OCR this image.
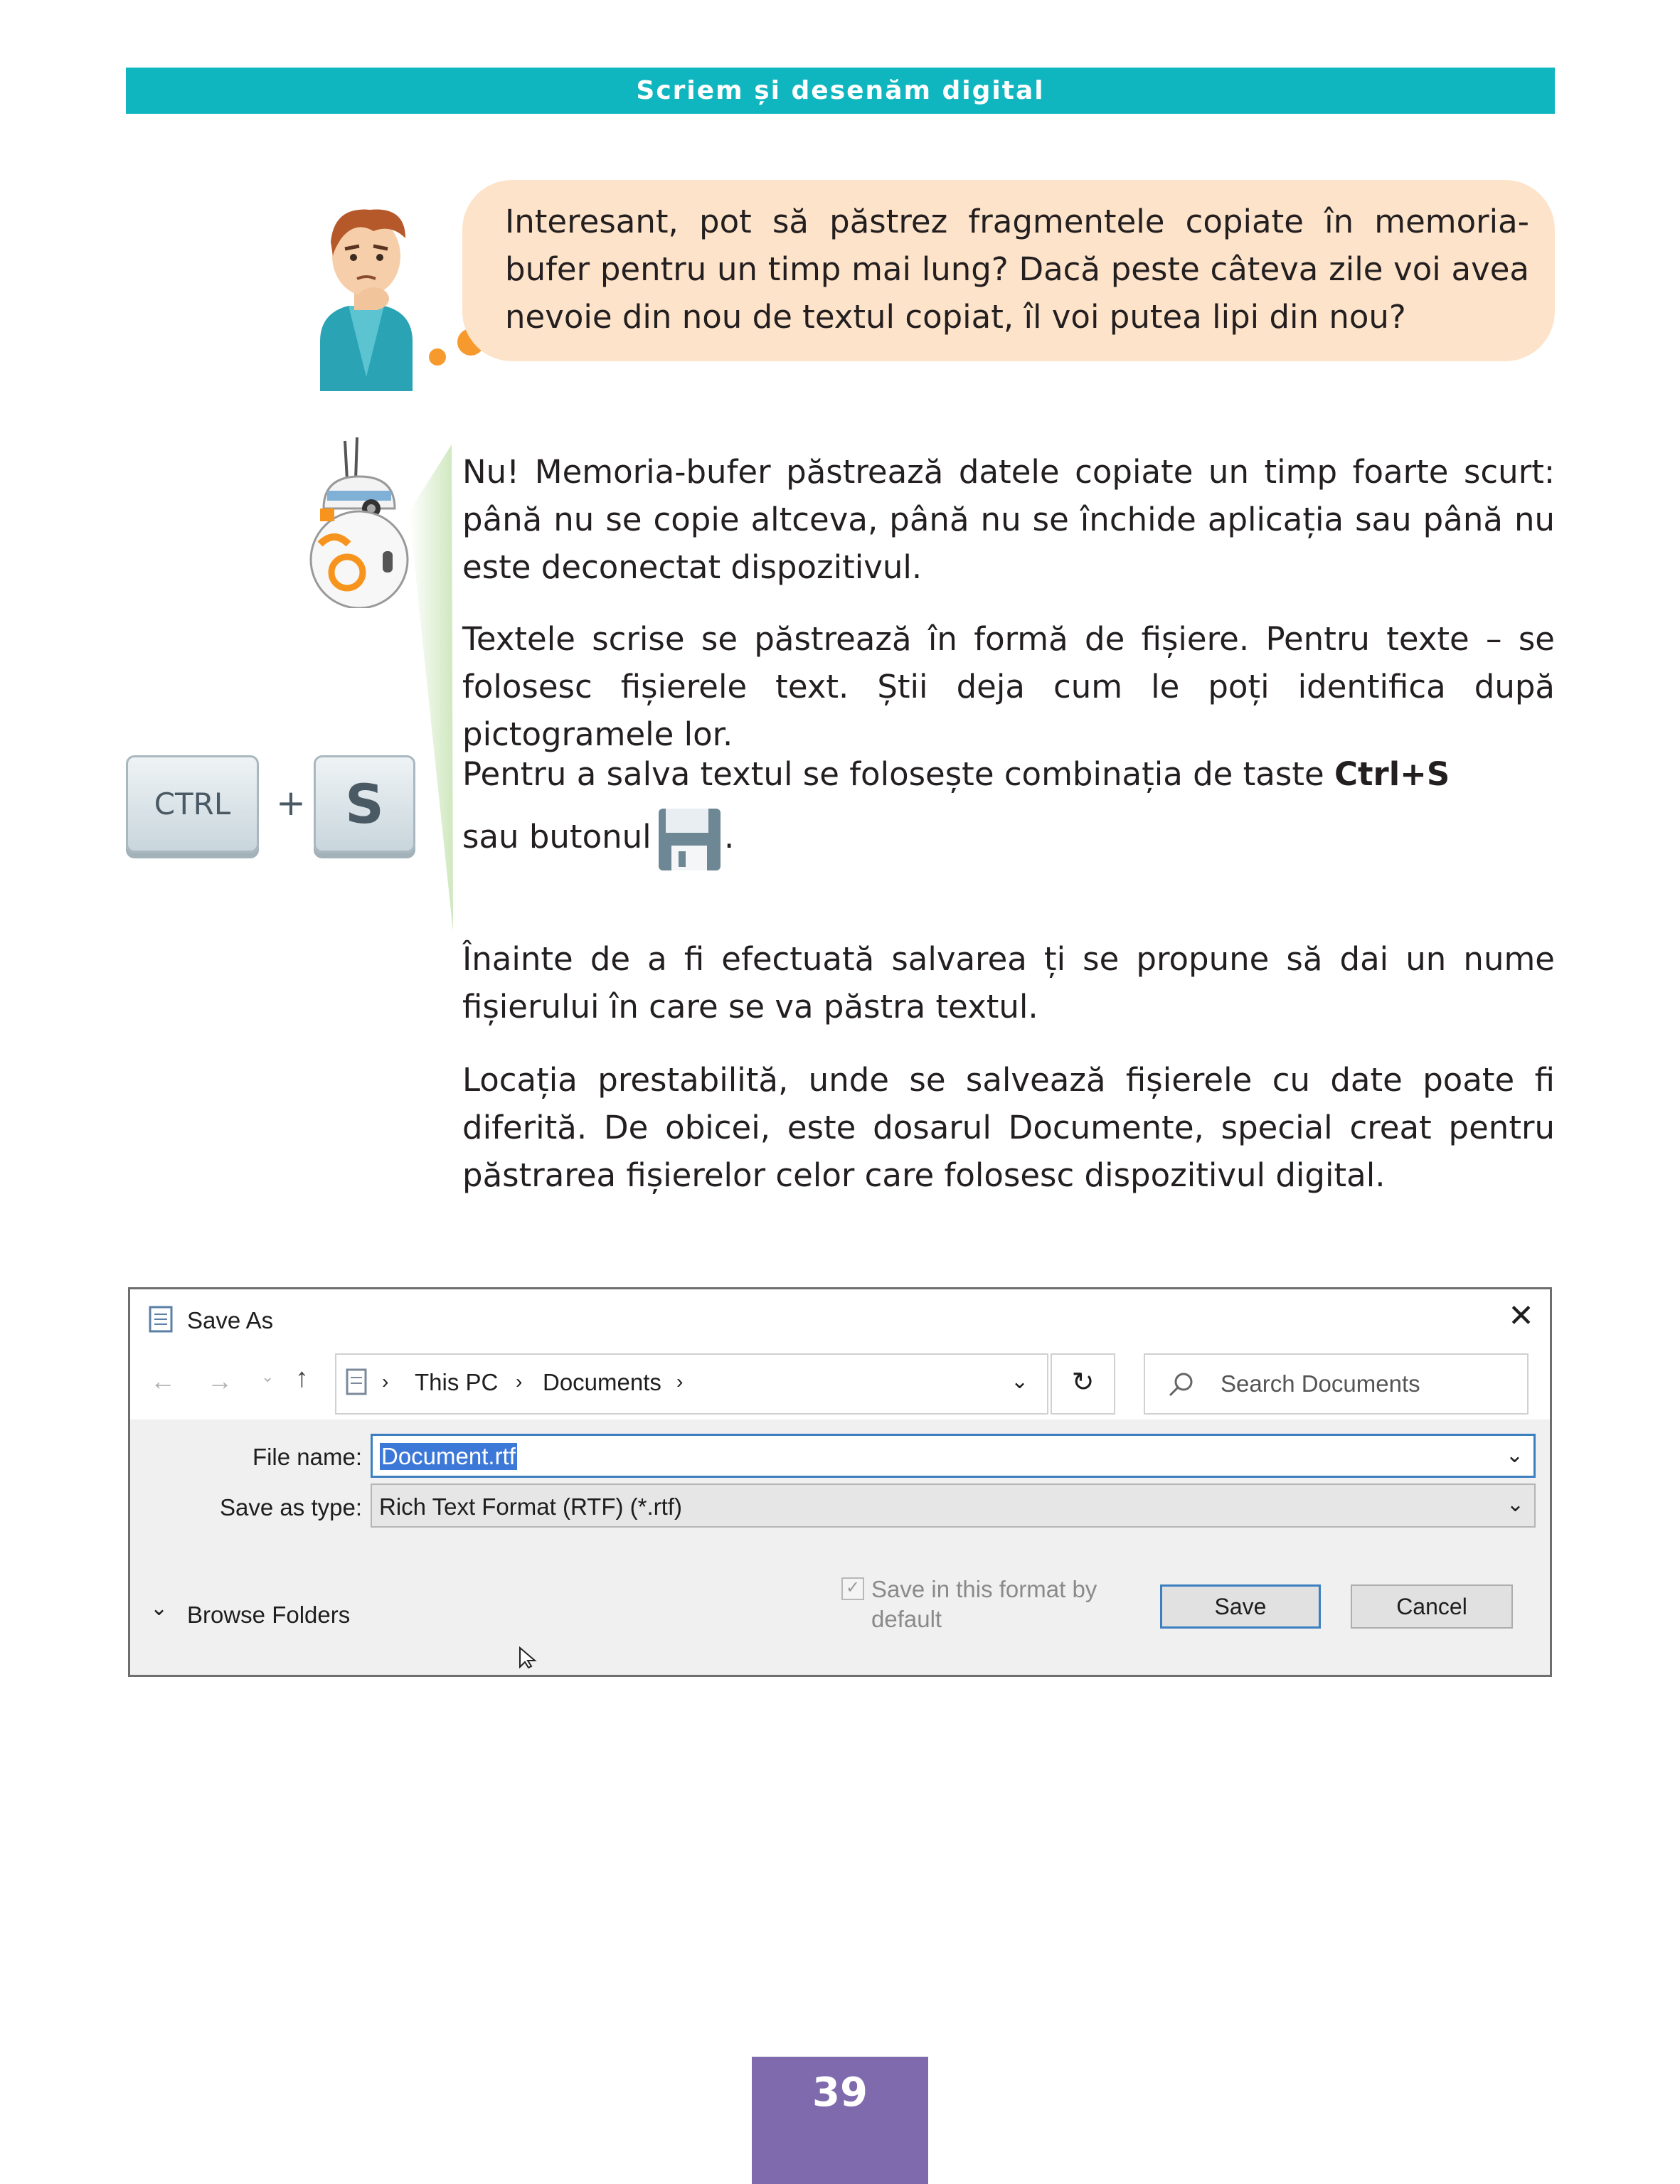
Scriem și desenăm digital
Interesant, pot să păstrez fragmentele copiate în memoria-bufer pentru un timp mai lung? Dacă peste câteva zile voi avea nevoie din nou de textul copiat, îl voi putea lipi din nou?
Nu! Memoria-bufer păstrează datele copiate un timp foarte scurt: până nu se copie altceva, până nu se închide aplicația sau până nu este deconectat dispozitivul.
Textele scrise se păstrează în formă de fișiere. Pentru texte – se folosesc fișierele text. Știi deja cum le poți identifica după pictogramele lor.
CTRL + S Pentru a salva textul se folosește combinația de taste Ctrl+S
sau butonul .
Înainte de a fi efectuată salvarea ți se propune să dai un nume fișierului în care se va păstra textul.
Locația prestabilită, unde se salvează fișierele cu date poate fi diferită. De obicei, este dosarul Documente, special creat pentru păstrarea fișierelor celor care folosesc dispozitivul digital.
Save As	✕
← → ⌄ ↑	› This PC › Documents ›	⌄	↻	Search Documents
File name: Document.rtf	⌄
Save as type: Rich Text Format (RTF) (*.rtf)	⌄
⌄ Browse Folders
✓ Save in this format by
default	Save	Cancel
39
